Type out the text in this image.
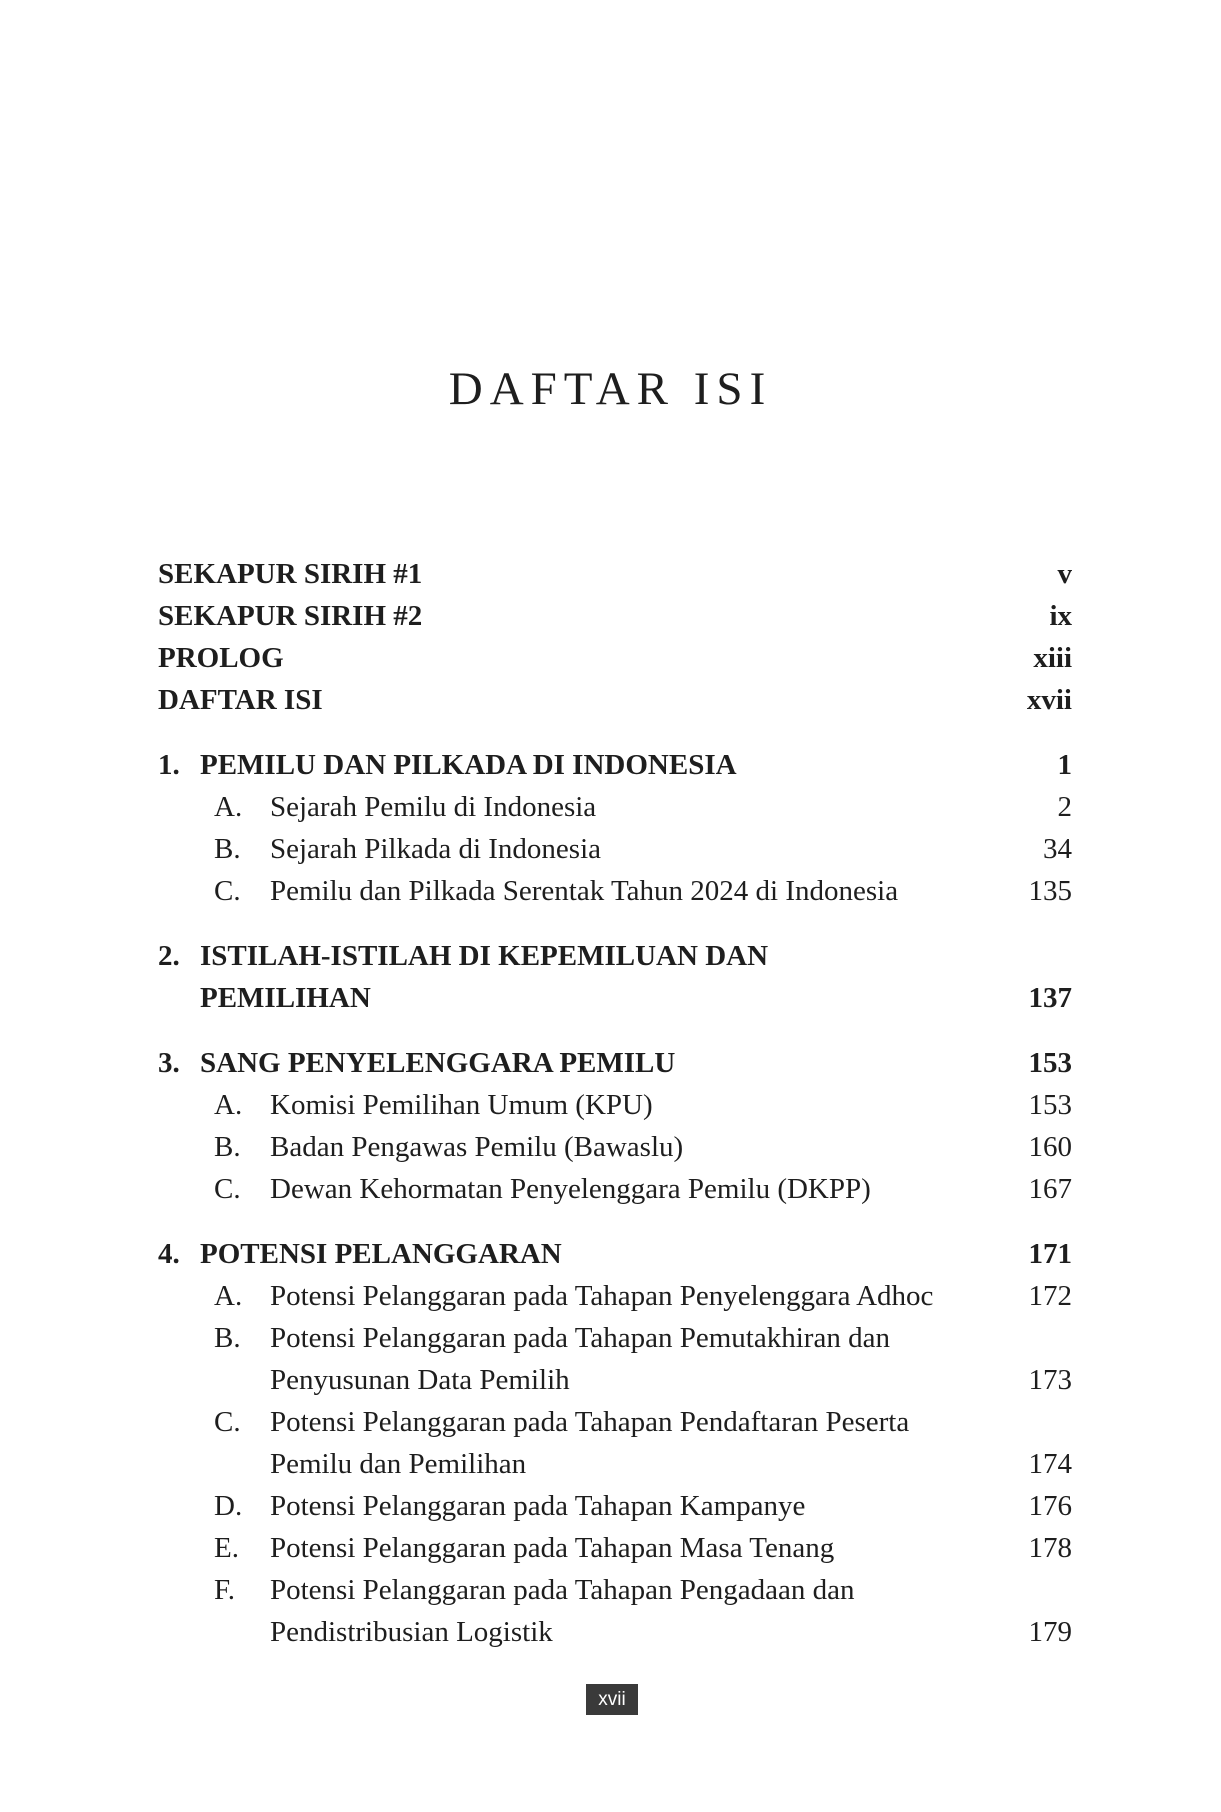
DAFTAR ISI
SEKAPUR SIRIH #1	v
SEKAPUR SIRIH #2	ix
PROLOG	xiii
DAFTAR ISI	xvii
1. PEMILU DAN PILKADA DI INDONESIA	1
A. Sejarah Pemilu di Indonesia	2
B. Sejarah Pilkada di Indonesia	34
C. Pemilu dan Pilkada Serentak Tahun 2024 di Indonesia	135
2. ISTILAH-ISTILAH DI KEPEMILUAN DAN
PEMILIHAN	137
3. SANG PENYELENGGARA PEMILU	153
A. Komisi Pemilihan Umum (KPU)	153
B. Badan Pengawas Pemilu (Bawaslu)	160
C. Dewan Kehormatan Penyelenggara Pemilu (DKPP)	167
4. POTENSI PELANGGARAN	171
A. Potensi Pelanggaran pada Tahapan Penyelenggara Adhoc	172
B. Potensi Pelanggaran pada Tahapan Pemutakhiran dan
Penyusunan Data Pemilih	173
C. Potensi Pelanggaran pada Tahapan Pendaftaran Peserta
Pemilu dan Pemilihan	174
D. Potensi Pelanggaran pada Tahapan Kampanye	176
E. Potensi Pelanggaran pada Tahapan Masa Tenang	178
F. Potensi Pelanggaran pada Tahapan Pengadaan dan
Pendistribusian Logistik	179
xvii
